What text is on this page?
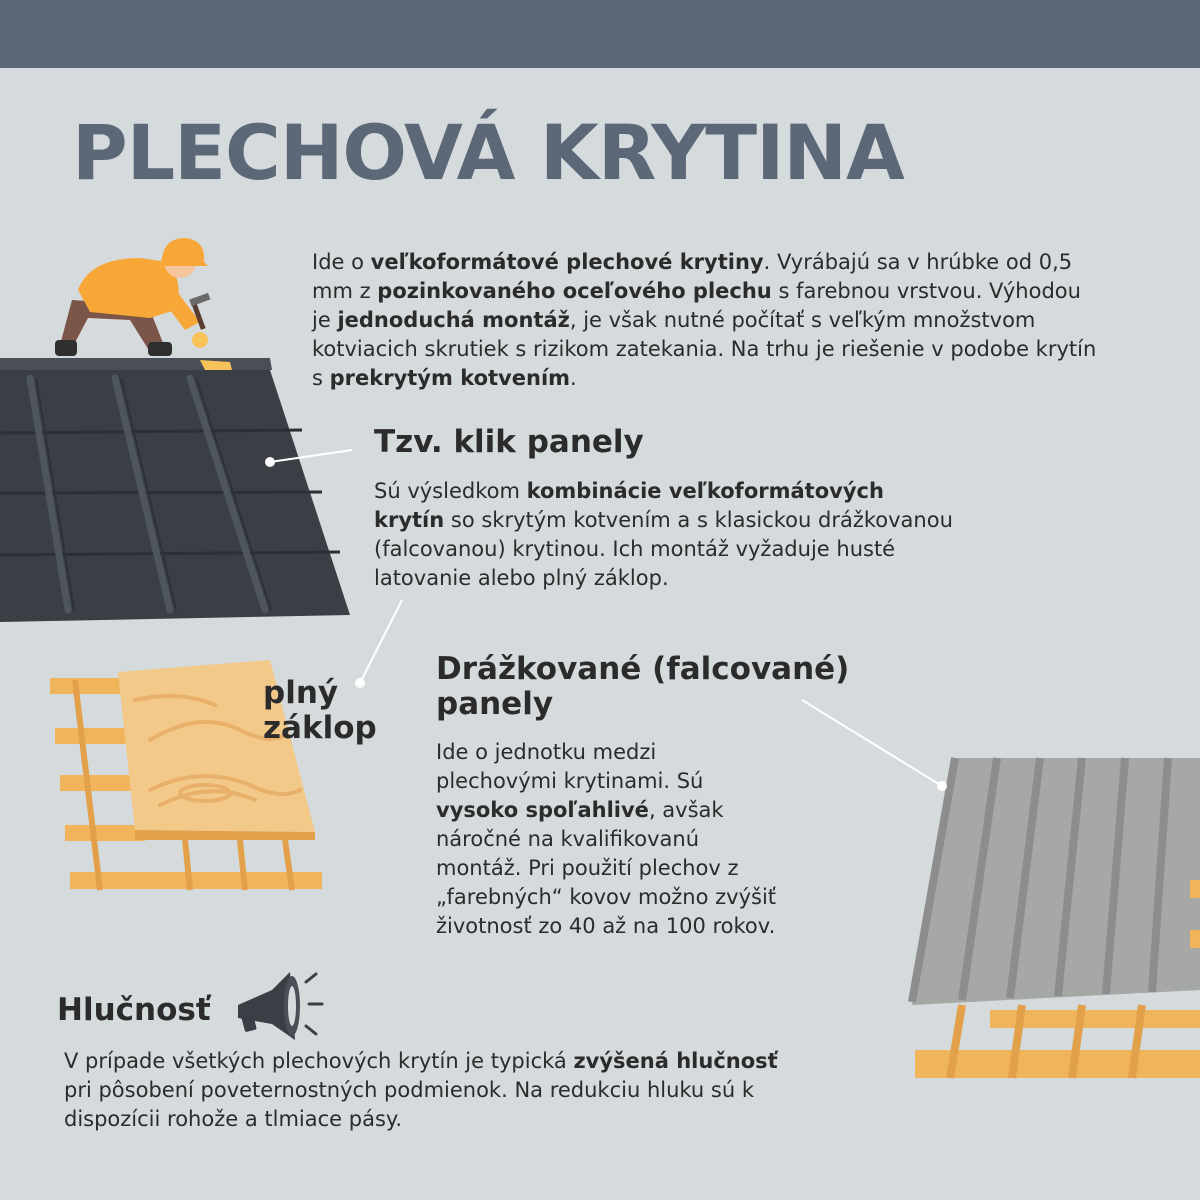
PLECHOVÁ KRYTINA
Ide o veľkoformátové plechové krytiny. Vyrábajú sa v hrúbke od 0,5 mm z pozinkovaného oceľového plechu s farebnou vrstvou. Výhodou je jednoduchá montáž, je však nutné počítať s veľkým množstvom kotviacich skrutiek s rizikom zatekania. Na trhu je riešenie v podobe krytín s prekrytým kotvením.
Tzv. klik panely
Sú výsledkom kombinácie veľkoformátových krytín so skrytým kotvením a s klasickou drážkovanou (falcovanou) krytinou. Ich montáž vyžaduje husté latovanie alebo plný záklop.
plný
záklop
Drážkované (falcované)
panely
Ide o jednotku medzi plechovými krytinami. Sú vysoko spoľahlivé, avšak náročné na kvalifikovanú montáž. Pri použití plechov z „farebných“ kovov možno zvýšiť životnosť zo 40 až na 100 rokov.
Hlučnosť
V prípade všetkých plechových krytín je typická zvýšená hlučnosť pri pôsobení poveternostných podmienok. Na redukciu hluku sú k dispozícii rohože a tlmiace pásy.
